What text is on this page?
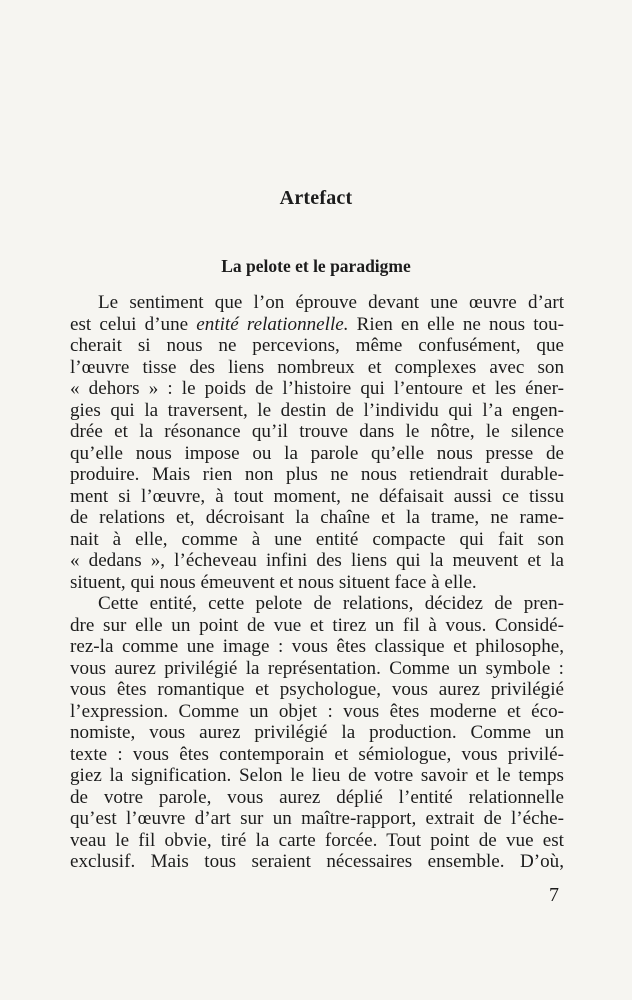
Artefact
La pelote et le paradigme
Le sentiment que l’on éprouve devant une œuvre d’art
est celui d’une entité relationnelle. Rien en elle ne nous tou-
cherait si nous ne percevions, même confusément, que
l’œuvre tisse des liens nombreux et complexes avec son
« dehors » : le poids de l’histoire qui l’entoure et les éner-
gies qui la traversent, le destin de l’individu qui l’a engen-
drée et la résonance qu’il trouve dans le nôtre, le silence
qu’elle nous impose ou la parole qu’elle nous presse de
produire. Mais rien non plus ne nous retiendrait durable-
ment si l’œuvre, à tout moment, ne défaisait aussi ce tissu
de relations et, décroisant la chaîne et la trame, ne rame-
nait à elle, comme à une entité compacte qui fait son
« dedans », l’écheveau infini des liens qui la meuvent et la
situent, qui nous émeuvent et nous situent face à elle.
Cette entité, cette pelote de relations, décidez de pren-
dre sur elle un point de vue et tirez un fil à vous. Considé-
rez-la comme une image : vous êtes classique et philosophe,
vous aurez privilégié la représentation. Comme un symbole :
vous êtes romantique et psychologue, vous aurez privilégié
l’expression. Comme un objet : vous êtes moderne et éco-
nomiste, vous aurez privilégié la production. Comme un
texte : vous êtes contemporain et sémiologue, vous privilé-
giez la signification. Selon le lieu de votre savoir et le temps
de votre parole, vous aurez déplié l’entité relationnelle
qu’est l’œuvre d’art sur un maître-rapport, extrait de l’éche-
veau le fil obvie, tiré la carte forcée. Tout point de vue est
exclusif. Mais tous seraient nécessaires ensemble. D’où,
7
